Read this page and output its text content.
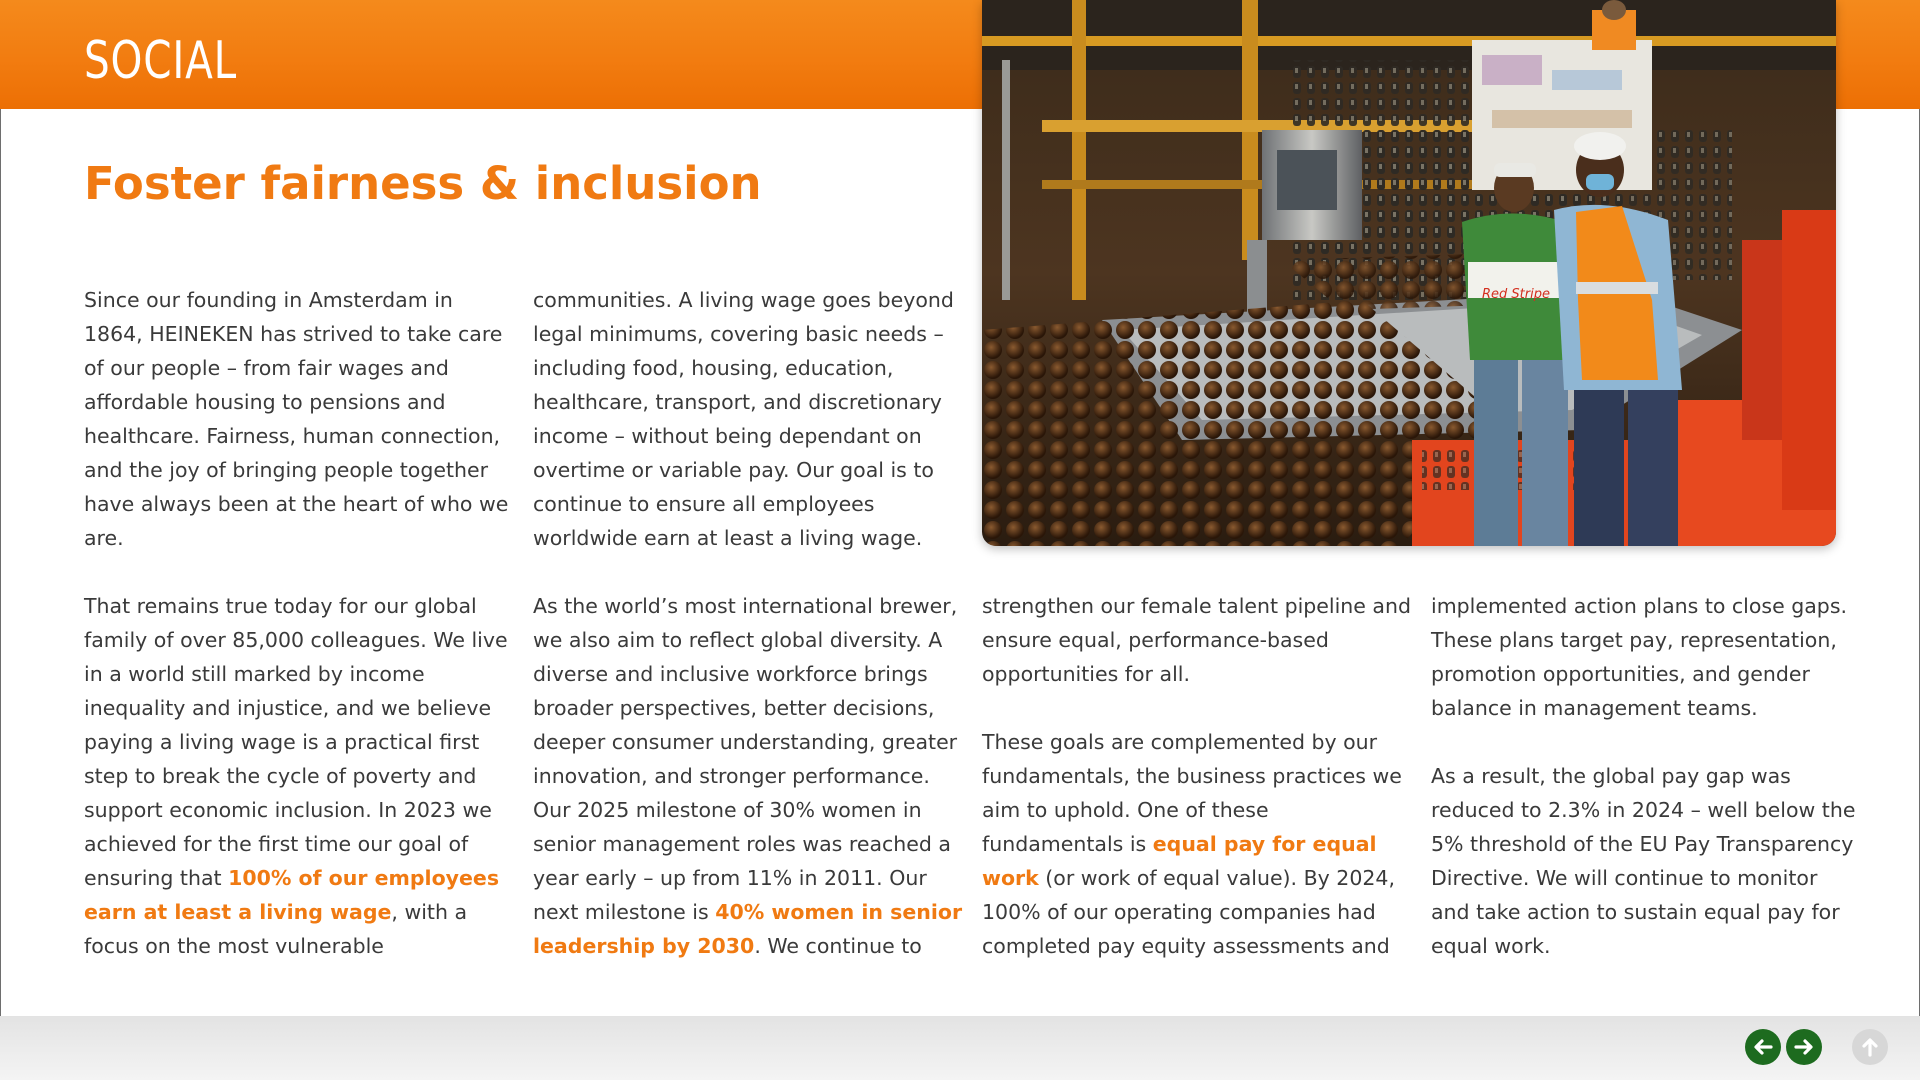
SOCIAL
Red Stripe
Foster fairness & inclusion

Since our founding in Amsterdam in 1864, HEINEKEN has strived to take care of our people – from fair wages and affordable housing to pensions and healthcare. Fairness, human connection, and the joy of bringing people together have always been at the heart of who we are.

That remains true today for our global family of over 85,000 colleagues. We live in a world still marked by income inequality and injustice, and we believe paying a living wage is a practical first step to break the cycle of poverty and support economic inclusion. In 2023 we achieved for the first time our goal of ensuring that 100% of our employees earn at least a living wage, with a focus on the most vulnerable

communities. A living wage goes beyond legal minimums, covering basic needs – including food, housing, education, healthcare, transport, and discretionary income – without being dependant on overtime or variable pay. Our goal is to continue to ensure all employees worldwide earn at least a living wage.

As the world’s most international brewer, we also aim to reflect global diversity. A diverse and inclusive workforce brings broader perspectives, better decisions, deeper consumer understanding, greater innovation, and stronger performance. Our 2025 milestone of 30% women in senior management roles was reached a year early – up from 11% in 2011. Our next milestone is 40% women in senior leadership by 2030. We continue to

strengthen our female talent pipeline and ensure equal, performance-based opportunities for all.

These goals are complemented by our fundamentals, the business practices we aim to uphold. One of these fundamentals is equal pay for equal work (or work of equal value). By 2024, 100% of our operating companies had completed pay equity assessments and

implemented action plans to close gaps. These plans target pay, representation, promotion opportunities, and gender balance in management teams.

As a result, the global pay gap was reduced to 2.3% in 2024 – well below the 5% threshold of the EU Pay Transparency Directive. We will continue to monitor and take action to sustain equal pay for equal work.
